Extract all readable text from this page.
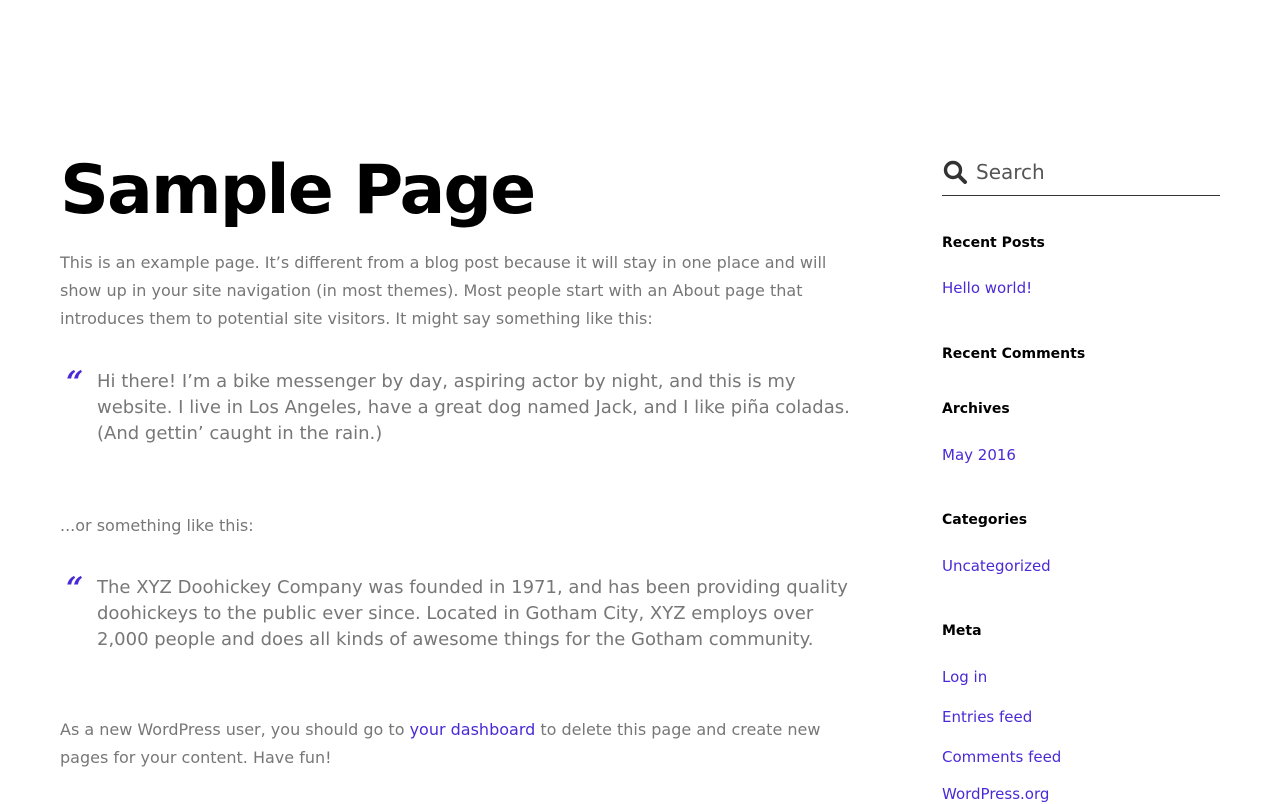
Sample Page

This is an example page. It’s different from a blog post because it will stay in one place and will show up in your site navigation (in most themes). Most people start with an About page that introduces them to potential site visitors. It might say something like this:

“ Hi there! I’m a bike messenger by day, aspiring actor by night, and this is my website. I live in Los Angeles, have a great dog named Jack, and I like piña coladas. (And gettin’ caught in the rain.)

...or something like this:

“ The XYZ Doohickey Company was founded in 1971, and has been providing quality doohickeys to the public ever since. Located in Gotham City, XYZ employs over 2,000 people and does all kinds of awesome things for the Gotham community.

As a new WordPress user, you should go to your dashboard to delete this page and create new pages for your content. Have fun!

Search
Recent Posts
Hello world!
Recent Comments
Archives
May 2016
Categories
Uncategorized
Meta
Log in
Entries feed
Comments feed
WordPress.org
